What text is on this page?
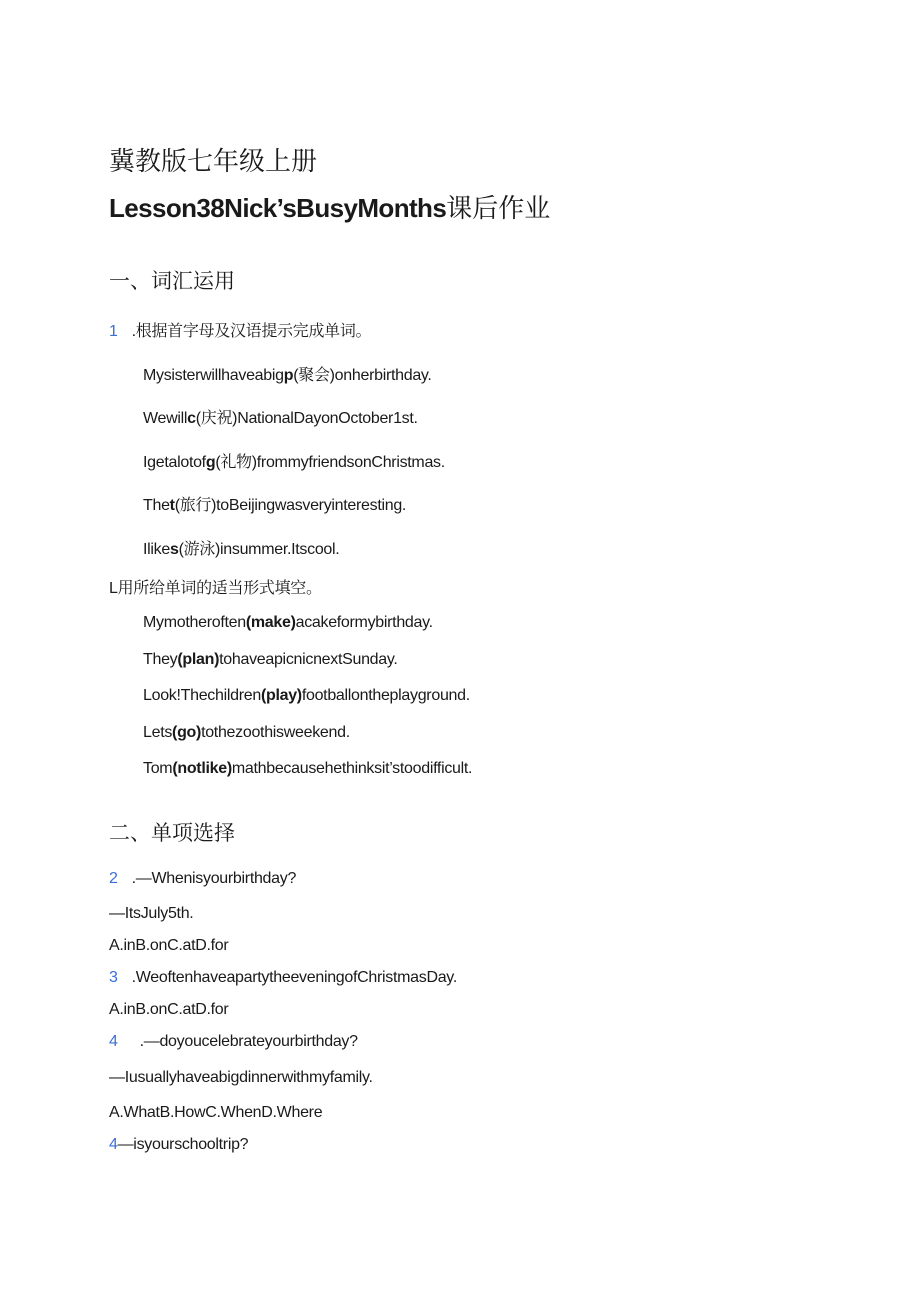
冀教版七年级上册
Lesson38Nick’sBusyMonths课后作业
一、词汇运用
1 .根据首字母及汉语提示完成单词。
Mysisterwillhaveabigp(聚会)onherbirthday.
Wewillc(庆祝)NationalDayonOctober1st.
Igetalotofg(礼物)frommyfriendsonChristmas.
Thet(旅行)toBeijingwasveryinteresting.
Ilikes(游泳)insummer.Itscool.
L用所给单词的适当形式填空。
Mymotheroften(make)acakeformybirthday.
They(plan)tohaveapicnicnextSunday.
Look!Thechildren(play)footballontheplayground.
Lets(go)tothezoothisweekend.
Tom(notlike)mathbecausehethinksit’stoodifficult.
二、单项选择
2 .—Whenisyourbirthday?
—ItsJuly5th.
A.inB.onC.atD.for
3 .WeoftenhaveapartytheeveningofChristmasDay.
A.inB.onC.atD.for
4 .—doyoucelebrateyourbirthday?
—Iusuallyhaveabigdinnerwithmyfamily.
A.WhatB.HowC.WhenD.Where
4—isyourschooltrip?
